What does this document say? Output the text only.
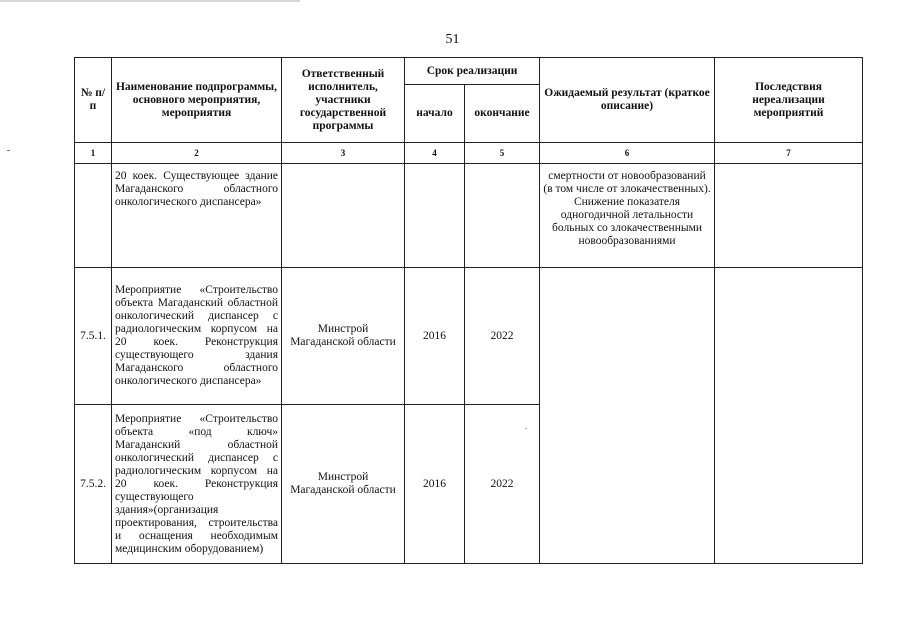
51
№ п/п	Наименование подпрограммы, основного мероприятия, мероприятия	Ответственный исполнитель, участники государственной программы	Срок реализации		Ожидаемый результат (краткое описание)	Последствия нереализации мероприятий
			начало	окончание		
1	2	3	4	5	6	7
	20 коек. Существующее здание Магаданского областного онкологического диспансера»				смертности от новообразований (в том числе от злокачественных). Снижение показателя одногодичной летальности больных со злокачественными новообразованиями	
7.5.1.	Мероприятие «Строительство объекта Магаданский областной онкологический диспансер с радиологическим корпусом на 20 коек. Реконструкция существующего здания Магаданского областного онкологического диспансера»	Минстрой Магаданской области	2016	2022		
7.5.2.	Мероприятие «Строительство объекта «под ключ» Магаданский областной онкологический диспансер с радиологическим корпусом на 20 коек. Реконструкция существующего здания»(организация проектирования, строительства и оснащения необходимым медицинским оборудованием)	Минстрой Магаданской области	2016	2022		
